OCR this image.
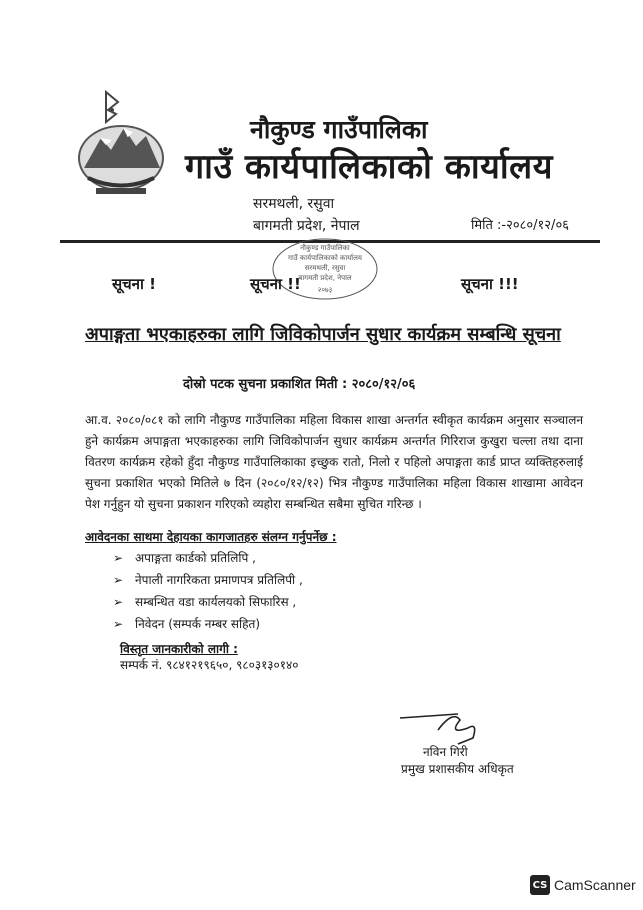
नौकुण्ड गाउँपालिका
गाउँ कार्यपालिकाको कार्यालय
सरमथली, रसुवा
बागमती प्रदेश, नेपाल	मिति :-२०८०/१२/०६
नौकुण्ड गाउँपालिका
गाउँ कार्यपालिकाको कार्यालय
सरमथली, रसुवा
बागमती प्रदेश, नेपाल
२०७३
सूचना !	सूचना !!	सूचना !!!
अपाङ्गता भएकाहरुका लागि जिविकोपार्जन सुधार कार्यक्रम सम्बन्धि सूचना
दोस्रो पटक सुचना प्रकाशित मिती : २०८०/१२/०६
आ.व. २०८०/०८१ को लागि नौकुण्ड गाउँपालिका महिला विकास शाखा अन्तर्गत स्वीकृत कार्यक्रम अनुसार सञ्चालन हुने कार्यक्रम अपाङ्गता भएकाहरुका लागि जिविकोपार्जन सुधार कार्यक्रम अन्तर्गत गिरिराज कुखुरा चल्ला तथा दाना वितरण कार्यक्रम रहेको हुँदा नौकुण्ड गाउँपालिकाका इच्छुक रातो, निलो र पहिलो अपाङ्गता कार्ड प्राप्त व्यक्तिहरुलाई सुचना प्रकाशित भएको मितिले ७ दिन (२०८०/१२/१२) भित्र नौकुण्ड गाउँपालिका महिला विकास शाखामा आवेदन पेश गर्नुहुन यो सुचना प्रकाशन गरिएको व्यहोरा सम्बन्धित सबैमा सुचित गरिन्छ ।
आवेदनका साथमा देहायका कागजातहरु संलग्न गर्नुपर्नेछ :
➢ अपाङ्गता कार्डको प्रतिलिपि ,
➢ नेपाली नागरिकता प्रमाणपत्र प्रतिलिपी ,
➢ सम्बन्धित वडा कार्यलयको सिफारिस ,
➢ निवेदन (सम्पर्क नम्बर सहित)
विस्तृत जानकारीको लागी :
सम्पर्क नं. ९८४१२१९६५०, ९८०३१३०१४०
नविन गिरी
प्रमुख प्रशासकीय अधिकृत
CS CamScanner
